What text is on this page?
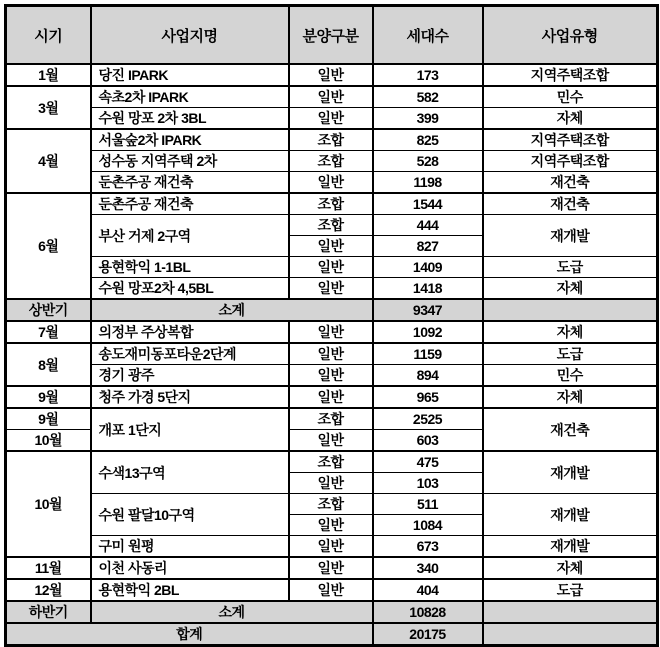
시기	사업지명	분양구분	세대수	사업유형
1월	당진 IPARK	일반	173	지역주택조합
3월	속초2차 IPARK	일반	582	민수
	수원 망포 2차 3BL	일반	399	자체
4월	서울숲2차 IPARK	조합	825	지역주택조합
	성수동 지역주택 2차	조합	528	지역주택조합
	둔촌주공 재건축	일반	1198	재건축
6월	둔촌주공 재건축	조합	1544	재건축
	부산 거제 2구역	조합	444	재개발
		일반	827	
	용현학익 1-1BL	일반	1409	도급
	수원 망포2차 4,5BL	일반	1418	자체
상반기	소계		9347	
7월	의정부 주상복합	일반	1092	자체
8월	송도재미동포타운2단계	일반	1159	도급
	경기 광주	일반	894	민수
9월	청주 가경 5단지	일반	965	자체
9월	개포 1단지	조합	2525	재건축
10월		일반	603	
10월	수색13구역	조합	475	재개발
		일반	103	
	수원 팔달10구역	조합	511	재개발
		일반	1084	
	구미 원평	일반	673	재개발
11월	이천 사동리	일반	340	자체
12월	용현학익 2BL	일반	404	도급
하반기	소계		10828	
합계			20175	
